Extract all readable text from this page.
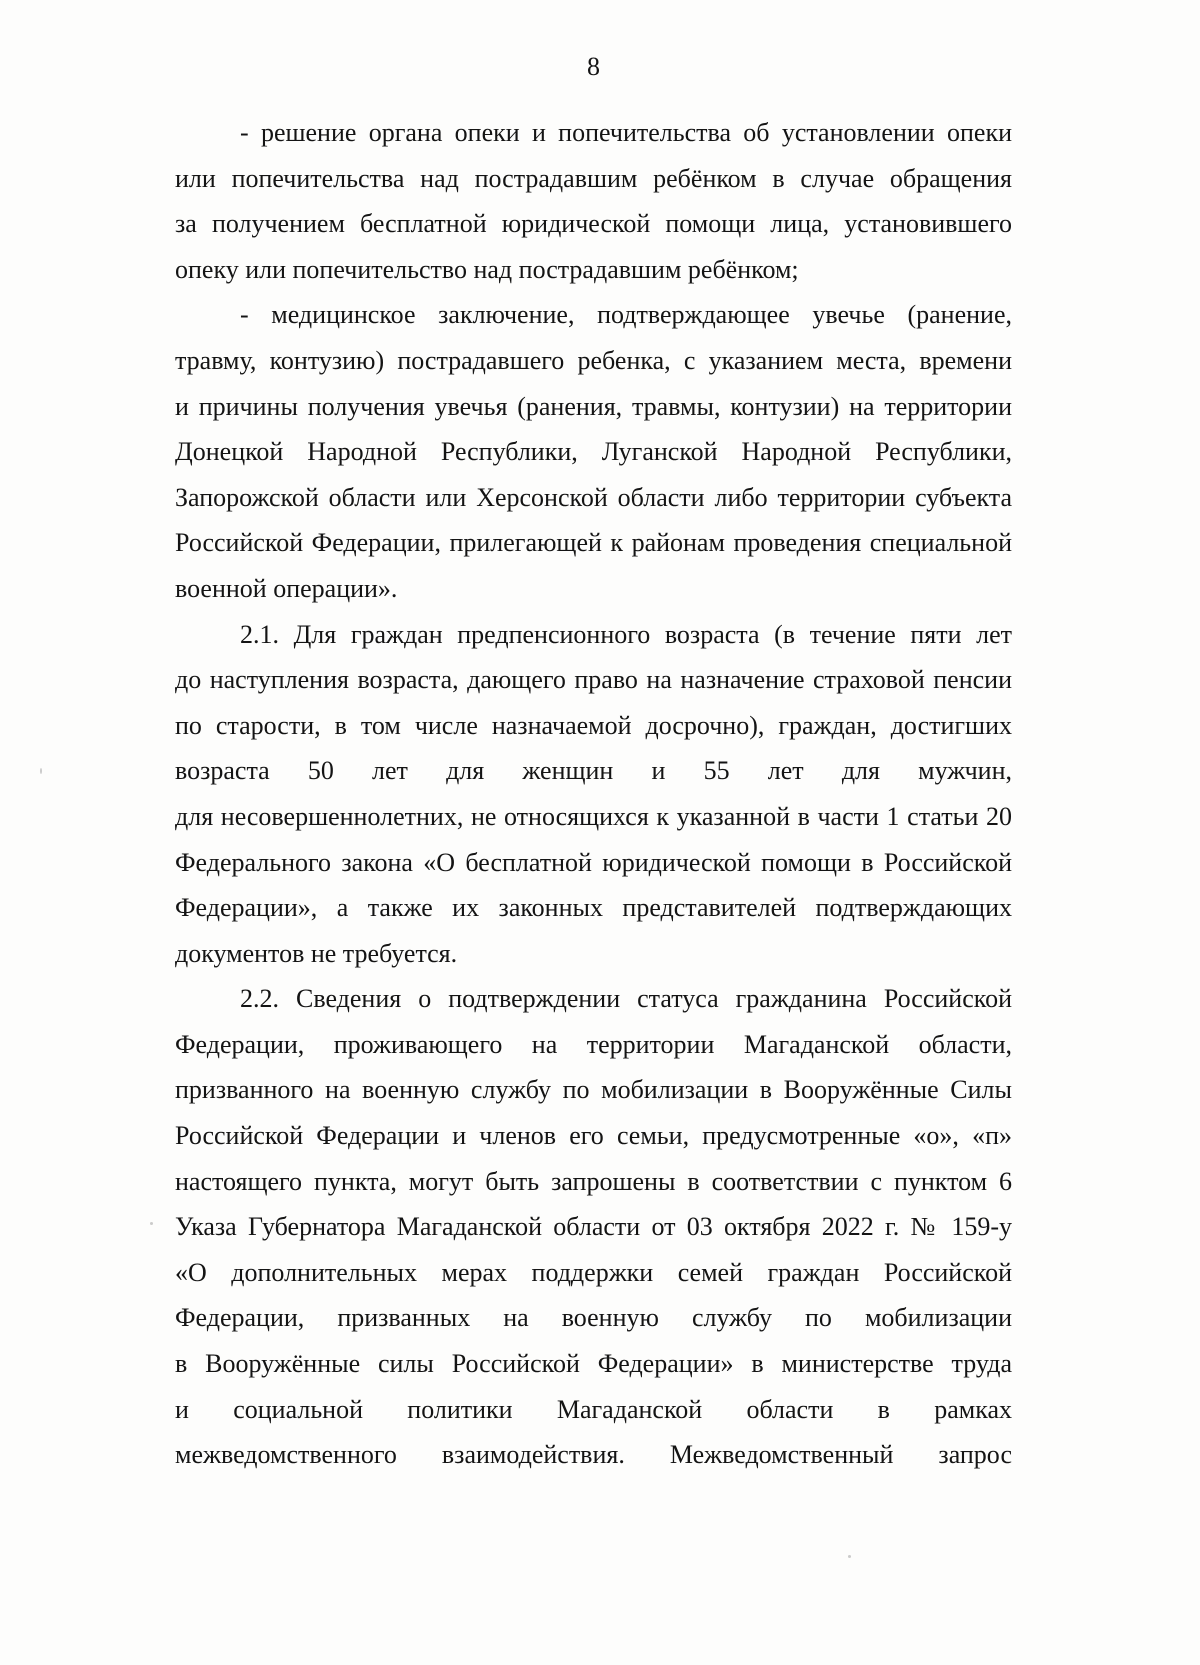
8
- решение органа опеки и попечительства об установлении опеки
или попечительства над пострадавшим ребёнком в случае обращения
за получением бесплатной юридической помощи лица, установившего
опеку или попечительство над пострадавшим ребёнком;
- медицинское заключение, подтверждающее увечье (ранение,
травму, контузию) пострадавшего ребенка, с указанием места, времени
и причины получения увечья (ранения, травмы, контузии) на территории
Донецкой Народной Республики, Луганской Народной Республики,
Запорожской области или Херсонской области либо территории субъекта
Российской Федерации, прилегающей к районам проведения специальной
военной операции».
2.1. Для граждан предпенсионного возраста (в течение пяти лет
до наступления возраста, дающего право на назначение страховой пенсии
по старости, в том числе назначаемой досрочно), граждан, достигших
возраста 50 лет для женщин и 55 лет для мужчин,
для несовершеннолетних, не относящихся к указанной в части 1 статьи 20
Федерального закона «О бесплатной юридической помощи в Российской
Федерации», а также их законных представителей подтверждающих
документов не требуется.
2.2. Сведения о подтверждении статуса гражданина Российской
Федерации, проживающего на территории Магаданской области,
призванного на военную службу по мобилизации в Вооружённые Силы
Российской Федерации и членов его семьи, предусмотренные «о», «п»
настоящего пункта, могут быть запрошены в соответствии с пунктом 6
Указа Губернатора Магаданской области от 03 октября 2022 г. № 159-у
«О дополнительных мерах поддержки семей граждан Российской
Федерации, призванных на военную службу по мобилизации
в Вооружённые силы Российской Федерации» в министерстве труда
и социальной политики Магаданской области в рамках
межведомственного взаимодействия. Межведомственный запрос
